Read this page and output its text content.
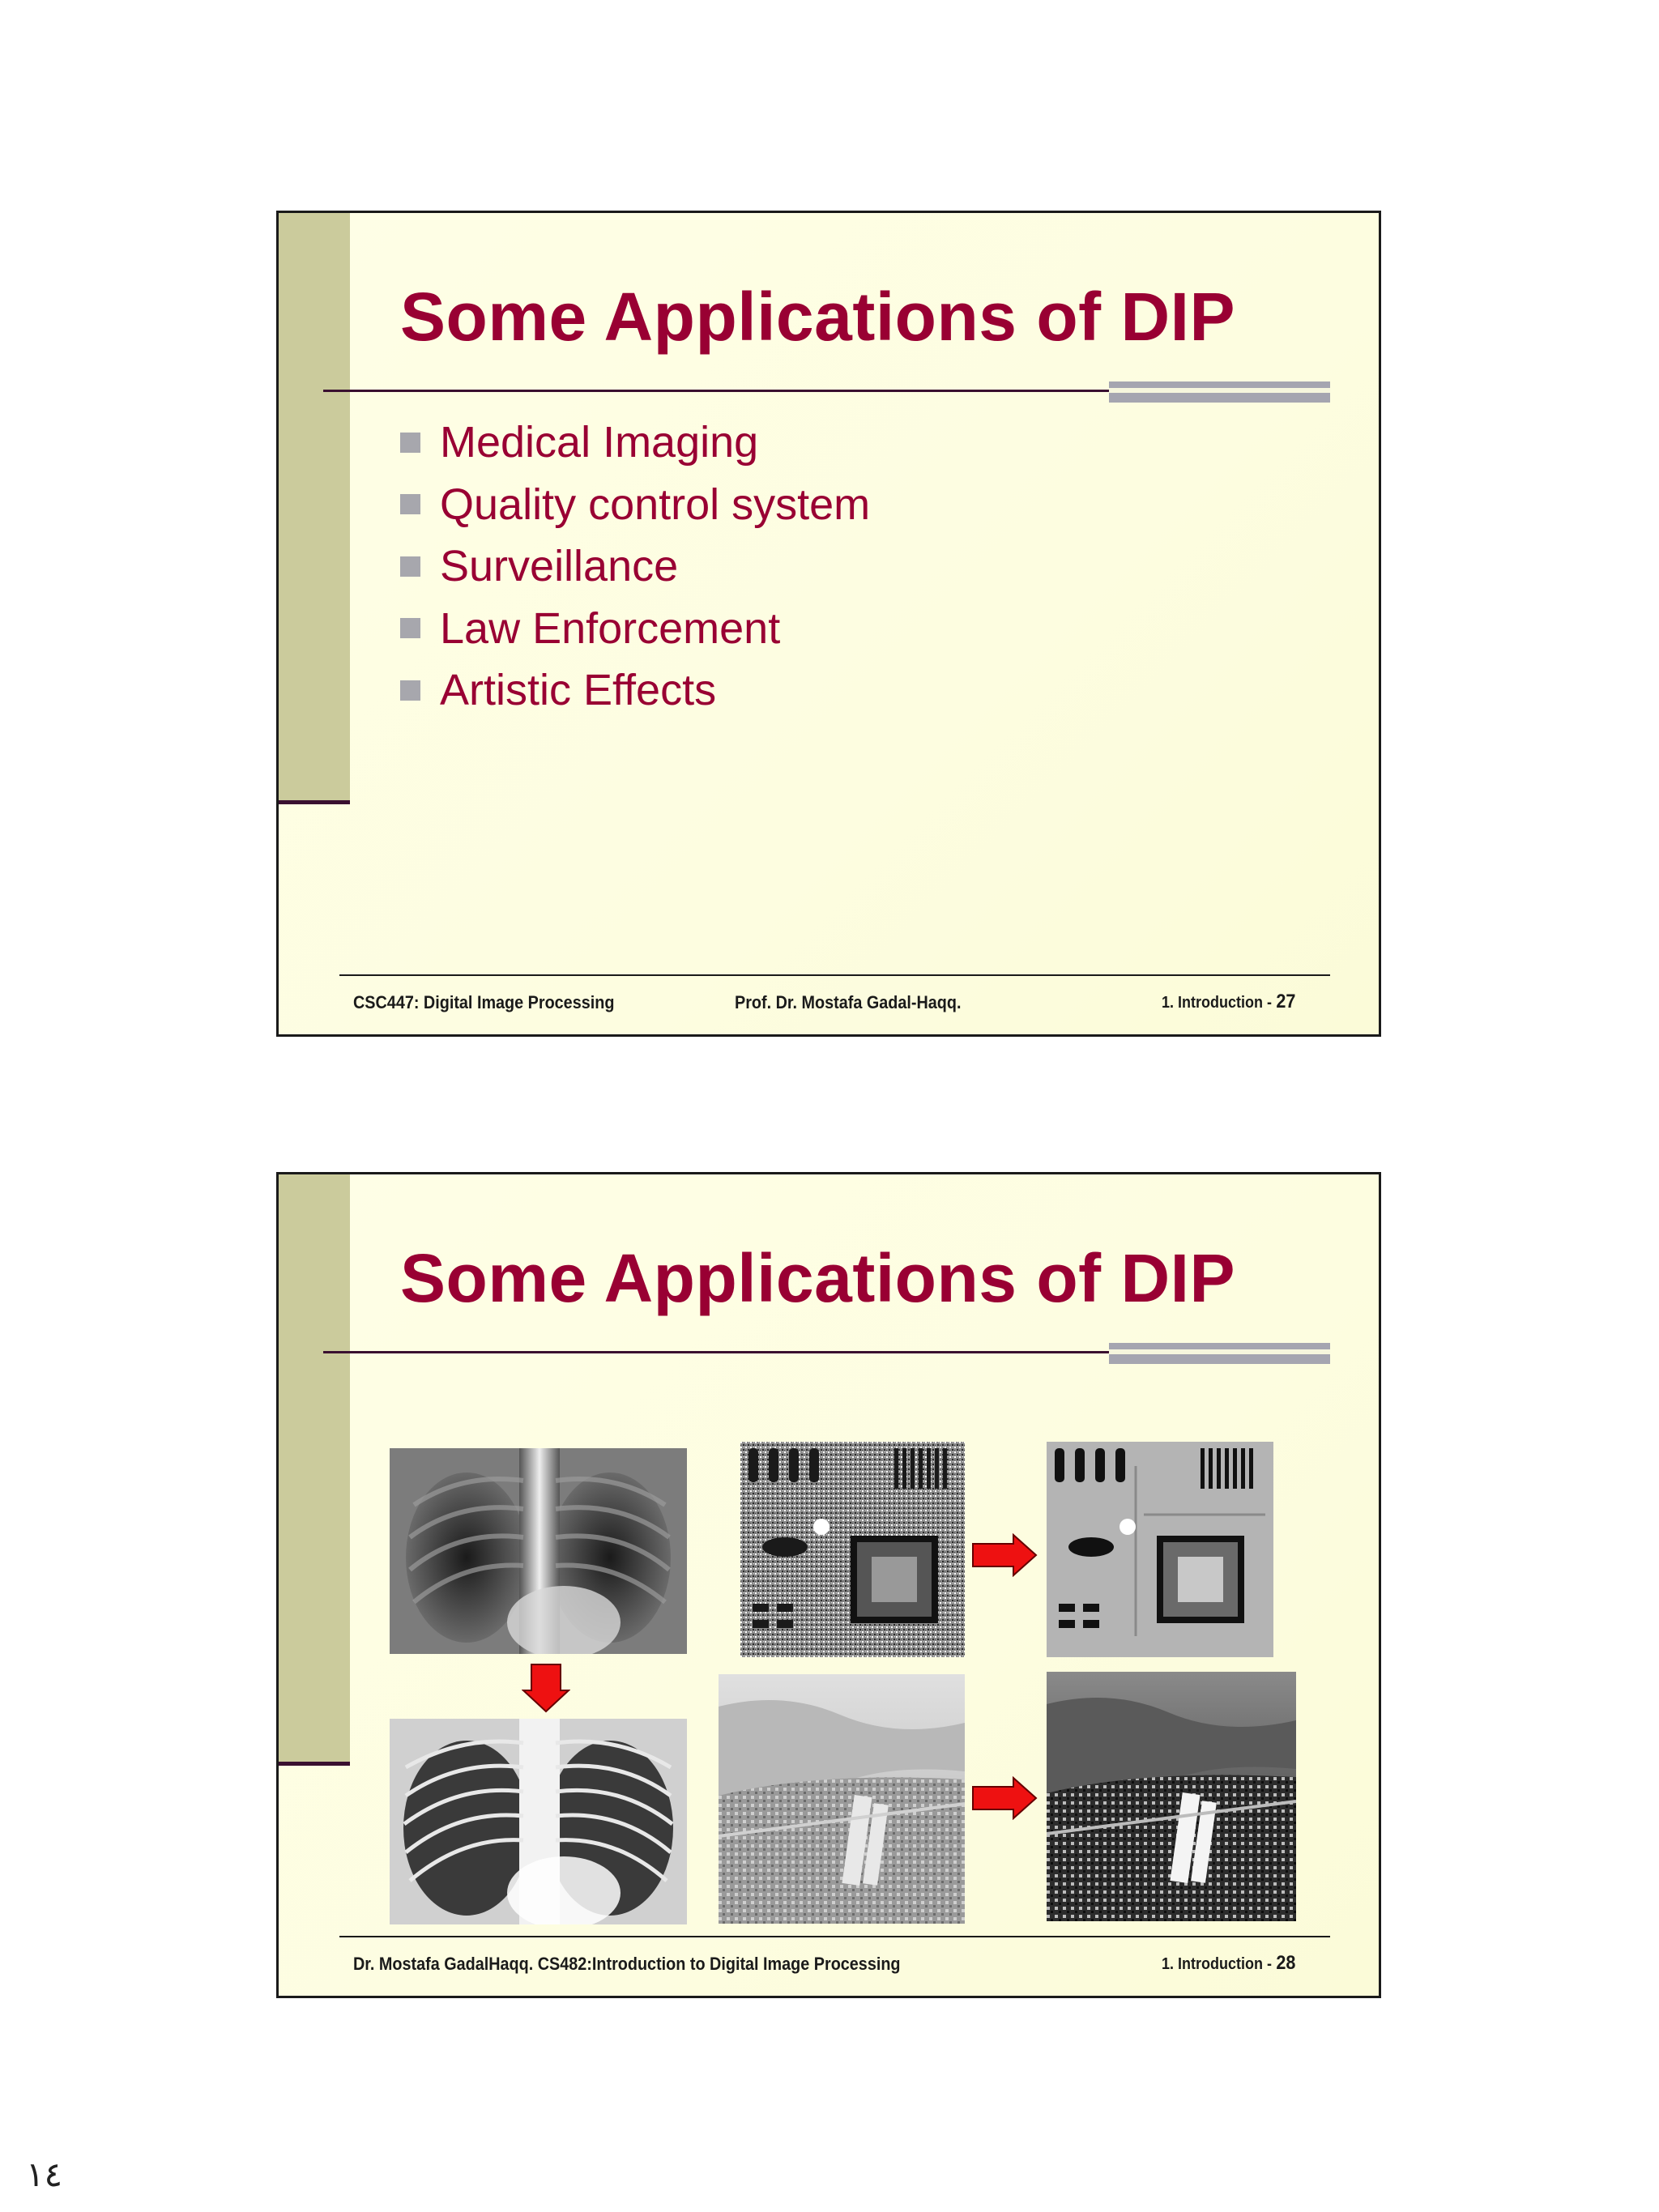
Some Applications of DIP
Medical Imaging
Quality control system
Surveillance
Law Enforcement
Artistic Effects
CSC447: Digital Image Processing	Prof. Dr. Mostafa Gadal-Haqq.	1. Introduction - 27
Some Applications of DIP
Dr. Mostafa GadalHaqq. CS482:Introduction to Digital Image Processing	1. Introduction - 28
١٤
